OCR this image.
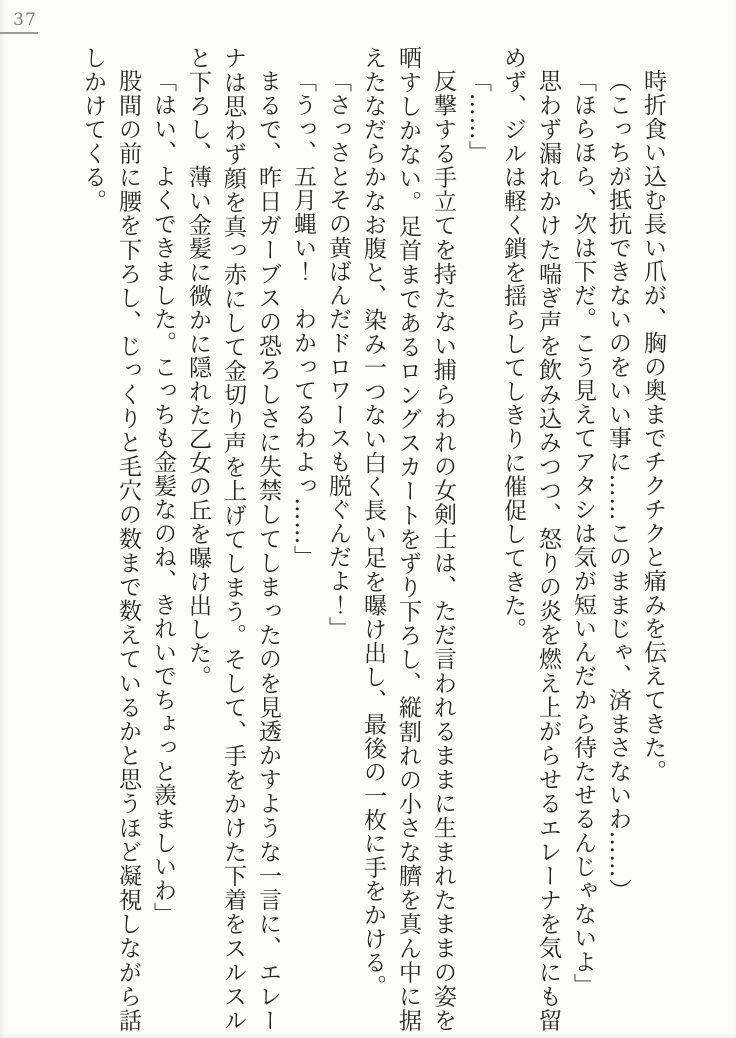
37

時折食い込む長い爪が、胸の奥までチクチクと痛みを伝えてきた。

（こっちが抵抗できないのをいい事に……このままじゃ、済まさないわ……）

「ほらほら、次は下だ。こう見えてアタシは気が短いんだから待たせるんじゃないよ」

思わず漏れかけた喘ぎ声を飲み込みつつ、怒りの炎を燃え上がらせるエレーナを気にも留めず、ジルは軽く鎖を揺らしてしきりに催促してきた。

「……」

反撃する手立てを持たない捕らわれの女剣士は、ただ言われるままに生まれたままの姿を晒すしかない。足首まであるロングスカートをずり下ろし、縦割れの小さな臍を真ん中に据えたなだらかなお腹と、染み一つない白く長い足を曝け出し、最後の一枚に手をかける。

「さっさとその黄ばんだドロワースも脱ぐんだよ！」

「うっ、五月蝿い！　わかってるわよっ……」

まるで、昨日ガーブスの恐ろしさに失禁してしまったのを見透かすような一言に、エレーナは思わず顔を真っ赤にして金切り声を上げてしまう。そして、手をかけた下着をスルスルと下ろし、薄い金髪に微かに隠れた乙女の丘を曝け出した。

「はい、よくできました。こっちも金髪なのね、きれいでちょっと羨ましいわ」

股間の前に腰を下ろし、じっくりと毛穴の数まで数えているかと思うほど凝視しながら話しかけてくる。
